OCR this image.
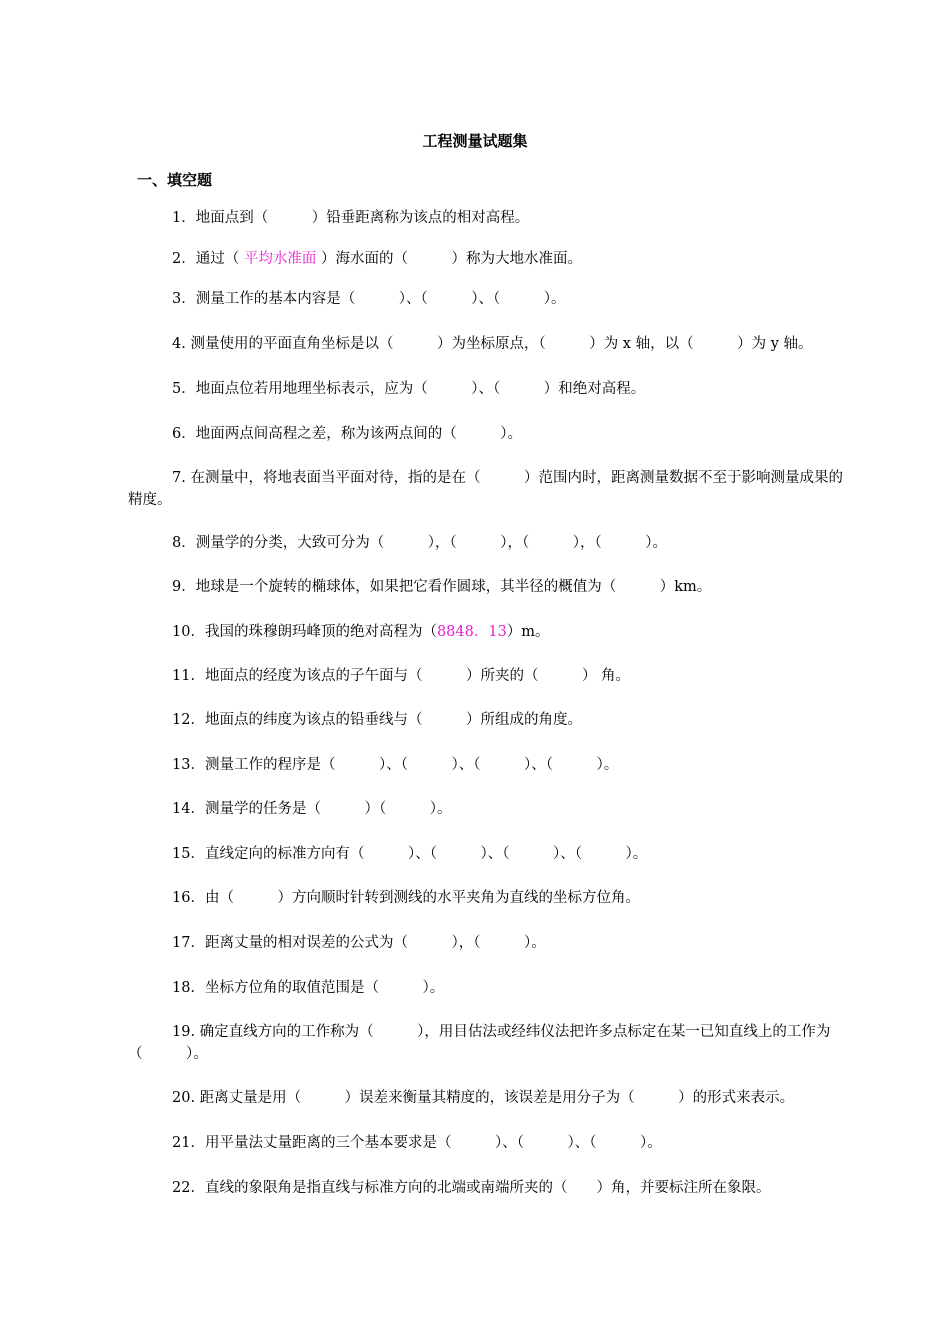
工程测量试题集
一、填空题
1．地面点到（　　　）铅垂距离称为该点的相对高程。
2．通过（ 平均水准面 ）海水面的（　　　）称为大地水准面。
3．测量工作的基本内容是（　　　）、（　　　）、（　　　）。
4. 测量使用的平面直角坐标是以（　　　）为坐标原点，（　　　）为 x 轴，以（　　　）为 y 轴。
5．地面点位若用地理坐标表示，应为（　　　）、（　　　）和绝对高程。
6．地面两点间高程之差，称为该两点间的（　　　）。
7. 在测量中，将地表面当平面对待，指的是在（　　　）范围内时，距离测量数据不至于影响测量成果的精度。
8．测量学的分类，大致可分为（　　　），（　　　），（　　　），（　　　）。
9．地球是一个旋转的椭球体，如果把它看作圆球，其半径的概值为（　　　）km。
10．我国的珠穆朗玛峰顶的绝对高程为（8848．13）m。
11．地面点的经度为该点的子午面与（　　　）所夹的（　　　） 角。
12．地面点的纬度为该点的铅垂线与（　　　）所组成的角度。
13．测量工作的程序是（　　　）、（　　　）、（　　　）、（　　　）。
14．测量学的任务是（　　　）（　　　）。
15．直线定向的标准方向有（　　　）、（　　　）、（　　　）、（　　　）。
16．由（　　　）方向顺时针转到测线的水平夹角为直线的坐标方位角。
17．距离丈量的相对误差的公式为（　　　），（　　　）。
18．坐标方位角的取值范围是（　　　）。
19. 确定直线方向的工作称为（　　　），用目估法或经纬仪法把许多点标定在某一已知直线上的工作为（　　　）。
20. 距离丈量是用（　　　）误差来衡量其精度的，该误差是用分子为（　　　）的形式来表示。
21．用平量法丈量距离的三个基本要求是（　　　）、（　　　）、（　　　）。
22．直线的象限角是指直线与标准方向的北端或南端所夹的（　　）角，并要标注所在象限。
